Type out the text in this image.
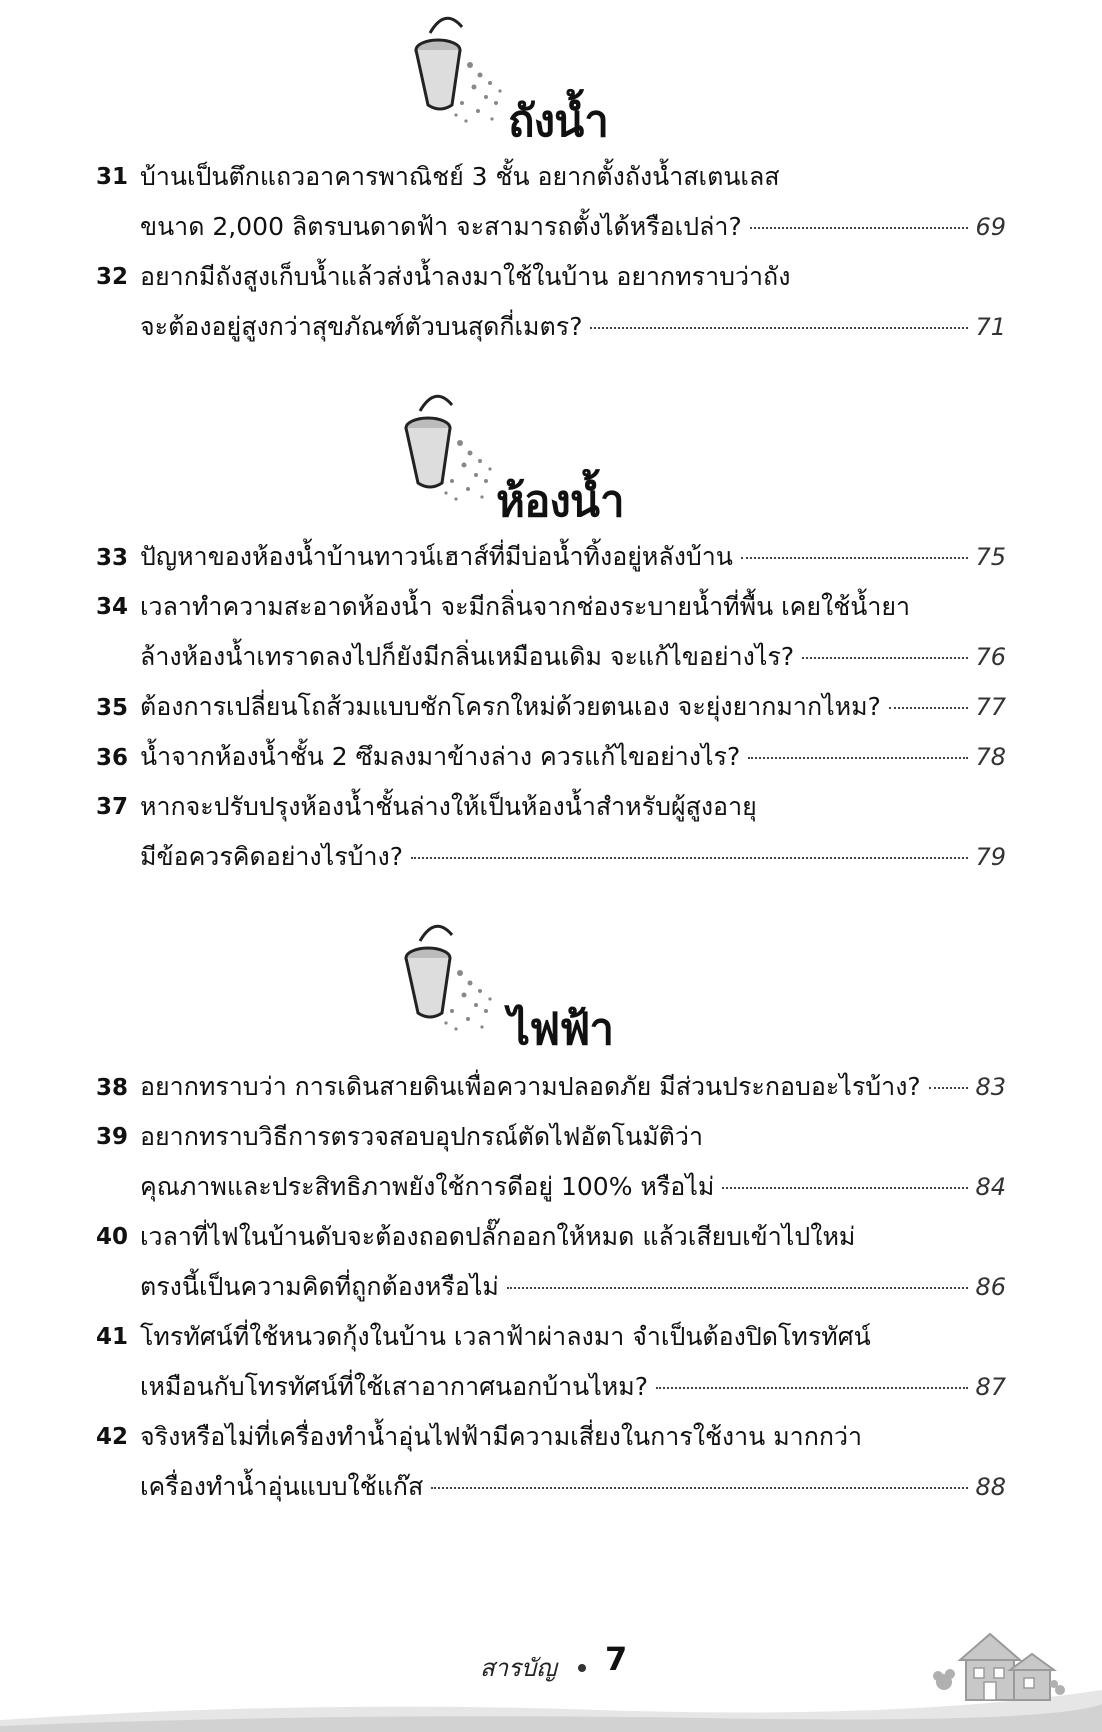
ถังน้ำ
31 บ้านเป็นตึกแถวอาคารพาณิชย์ 3 ชั้น อยากตั้งถังน้ำสเตนเลส
ขนาด 2,000 ลิตรบนดาดฟ้า จะสามารถตั้งได้หรือเปล่า?	69
32 อยากมีถังสูงเก็บน้ำแล้วส่งน้ำลงมาใช้ในบ้าน อยากทราบว่าถัง
จะต้องอยู่สูงกว่าสุขภัณฑ์ตัวบนสุดกี่เมตร?	71
ห้องน้ำ
33 ปัญหาของห้องน้ำบ้านทาวน์เฮาส์ที่มีบ่อน้ำทิ้งอยู่หลังบ้าน	75
34 เวลาทำความสะอาดห้องน้ำ จะมีกลิ่นจากช่องระบายน้ำที่พื้น เคยใช้น้ำยา
ล้างห้องน้ำเทราดลงไปก็ยังมีกลิ่นเหมือนเดิม จะแก้ไขอย่างไร?	76
35 ต้องการเปลี่ยนโถส้วมแบบชักโครกใหม่ด้วยตนเอง จะยุ่งยากมากไหม?	77
36 น้ำจากห้องน้ำชั้น 2 ซึมลงมาข้างล่าง ควรแก้ไขอย่างไร?	78
37 หากจะปรับปรุงห้องน้ำชั้นล่างให้เป็นห้องน้ำสำหรับผู้สูงอายุ
มีข้อควรคิดอย่างไรบ้าง?	79
ไฟฟ้า
38 อยากทราบว่า การเดินสายดินเพื่อความปลอดภัย มีส่วนประกอบอะไรบ้าง? 83
39 อยากทราบวิธีการตรวจสอบอุปกรณ์ตัดไฟอัตโนมัติว่า
คุณภาพและประสิทธิภาพยังใช้การดีอยู่ 100% หรือไม่	84
40 เวลาที่ไฟในบ้านดับจะต้องถอดปลั๊กออกให้หมด แล้วเสียบเข้าไปใหม่
ตรงนี้เป็นความคิดที่ถูกต้องหรือไม่	86
41 โทรทัศน์ที่ใช้หนวดกุ้งในบ้าน เวลาฟ้าผ่าลงมา จำเป็นต้องปิดโทรทัศน์
เหมือนกับโทรทัศน์ที่ใช้เสาอากาศนอกบ้านไหม?	87
42 จริงหรือไม่ที่เครื่องทำน้ำอุ่นไฟฟ้ามีความเสี่ยงในการใช้งาน มากกว่า
เครื่องทำน้ำอุ่นแบบใช้แก๊ส	88
สารบัญ 7
